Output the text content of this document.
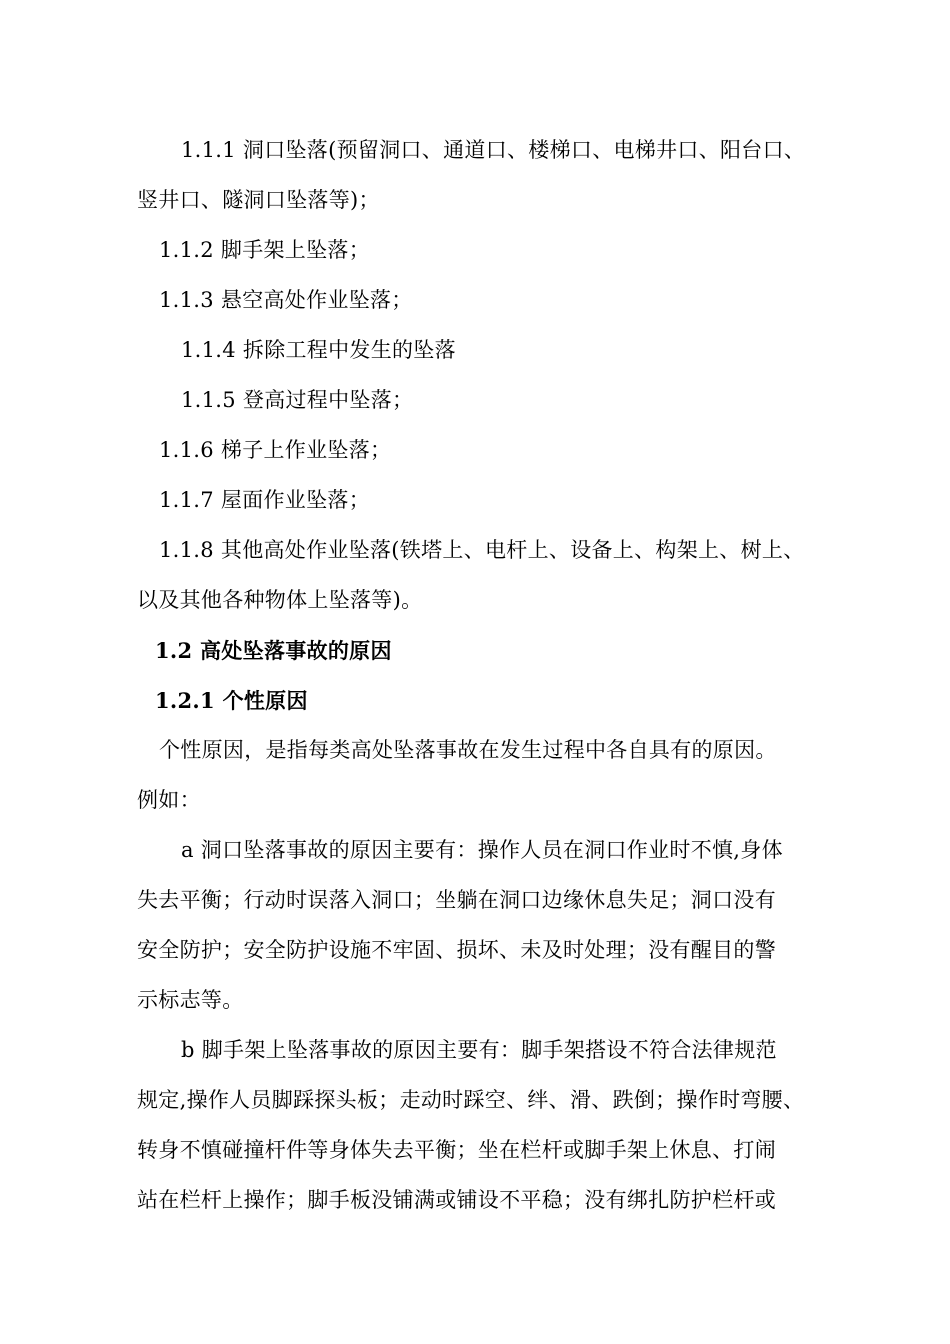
1.1.1 洞口坠落(预留洞口、通道口、楼梯口、电梯井口、阳台口、
竖井口、隧洞口坠落等)；
1.1.2 脚手架上坠落；
1.1.3 悬空高处作业坠落；
1.1.4 拆除工程中发生的坠落
1.1.5 登高过程中坠落；
1.1.6 梯子上作业坠落；
1.1.7 屋面作业坠落；
1.1.8 其他高处作业坠落(铁塔上、电杆上、设备上、构架上、树上、
以及其他各种物体上坠落等)。
1.2 高处坠落事故的原因
1.2.1 个性原因
个性原因，是指每类高处坠落事故在发生过程中各自具有的原因。
例如：
a 洞口坠落事故的原因主要有：操作人员在洞口作业时不慎,身体
失去平衡；行动时误落入洞口；坐躺在洞口边缘休息失足；洞口没有
安全防护；安全防护设施不牢固、损坏、未及时处理；没有醒目的警
示标志等。
b 脚手架上坠落事故的原因主要有：脚手架搭设不符合法律规范
规定,操作人员脚踩探头板；走动时踩空、绊、滑、跌倒；操作时弯腰、
转身不慎碰撞杆件等身体失去平衡；坐在栏杆或脚手架上休息、打闹
站在栏杆上操作；脚手板没铺满或铺设不平稳；没有绑扎防护栏杆或
